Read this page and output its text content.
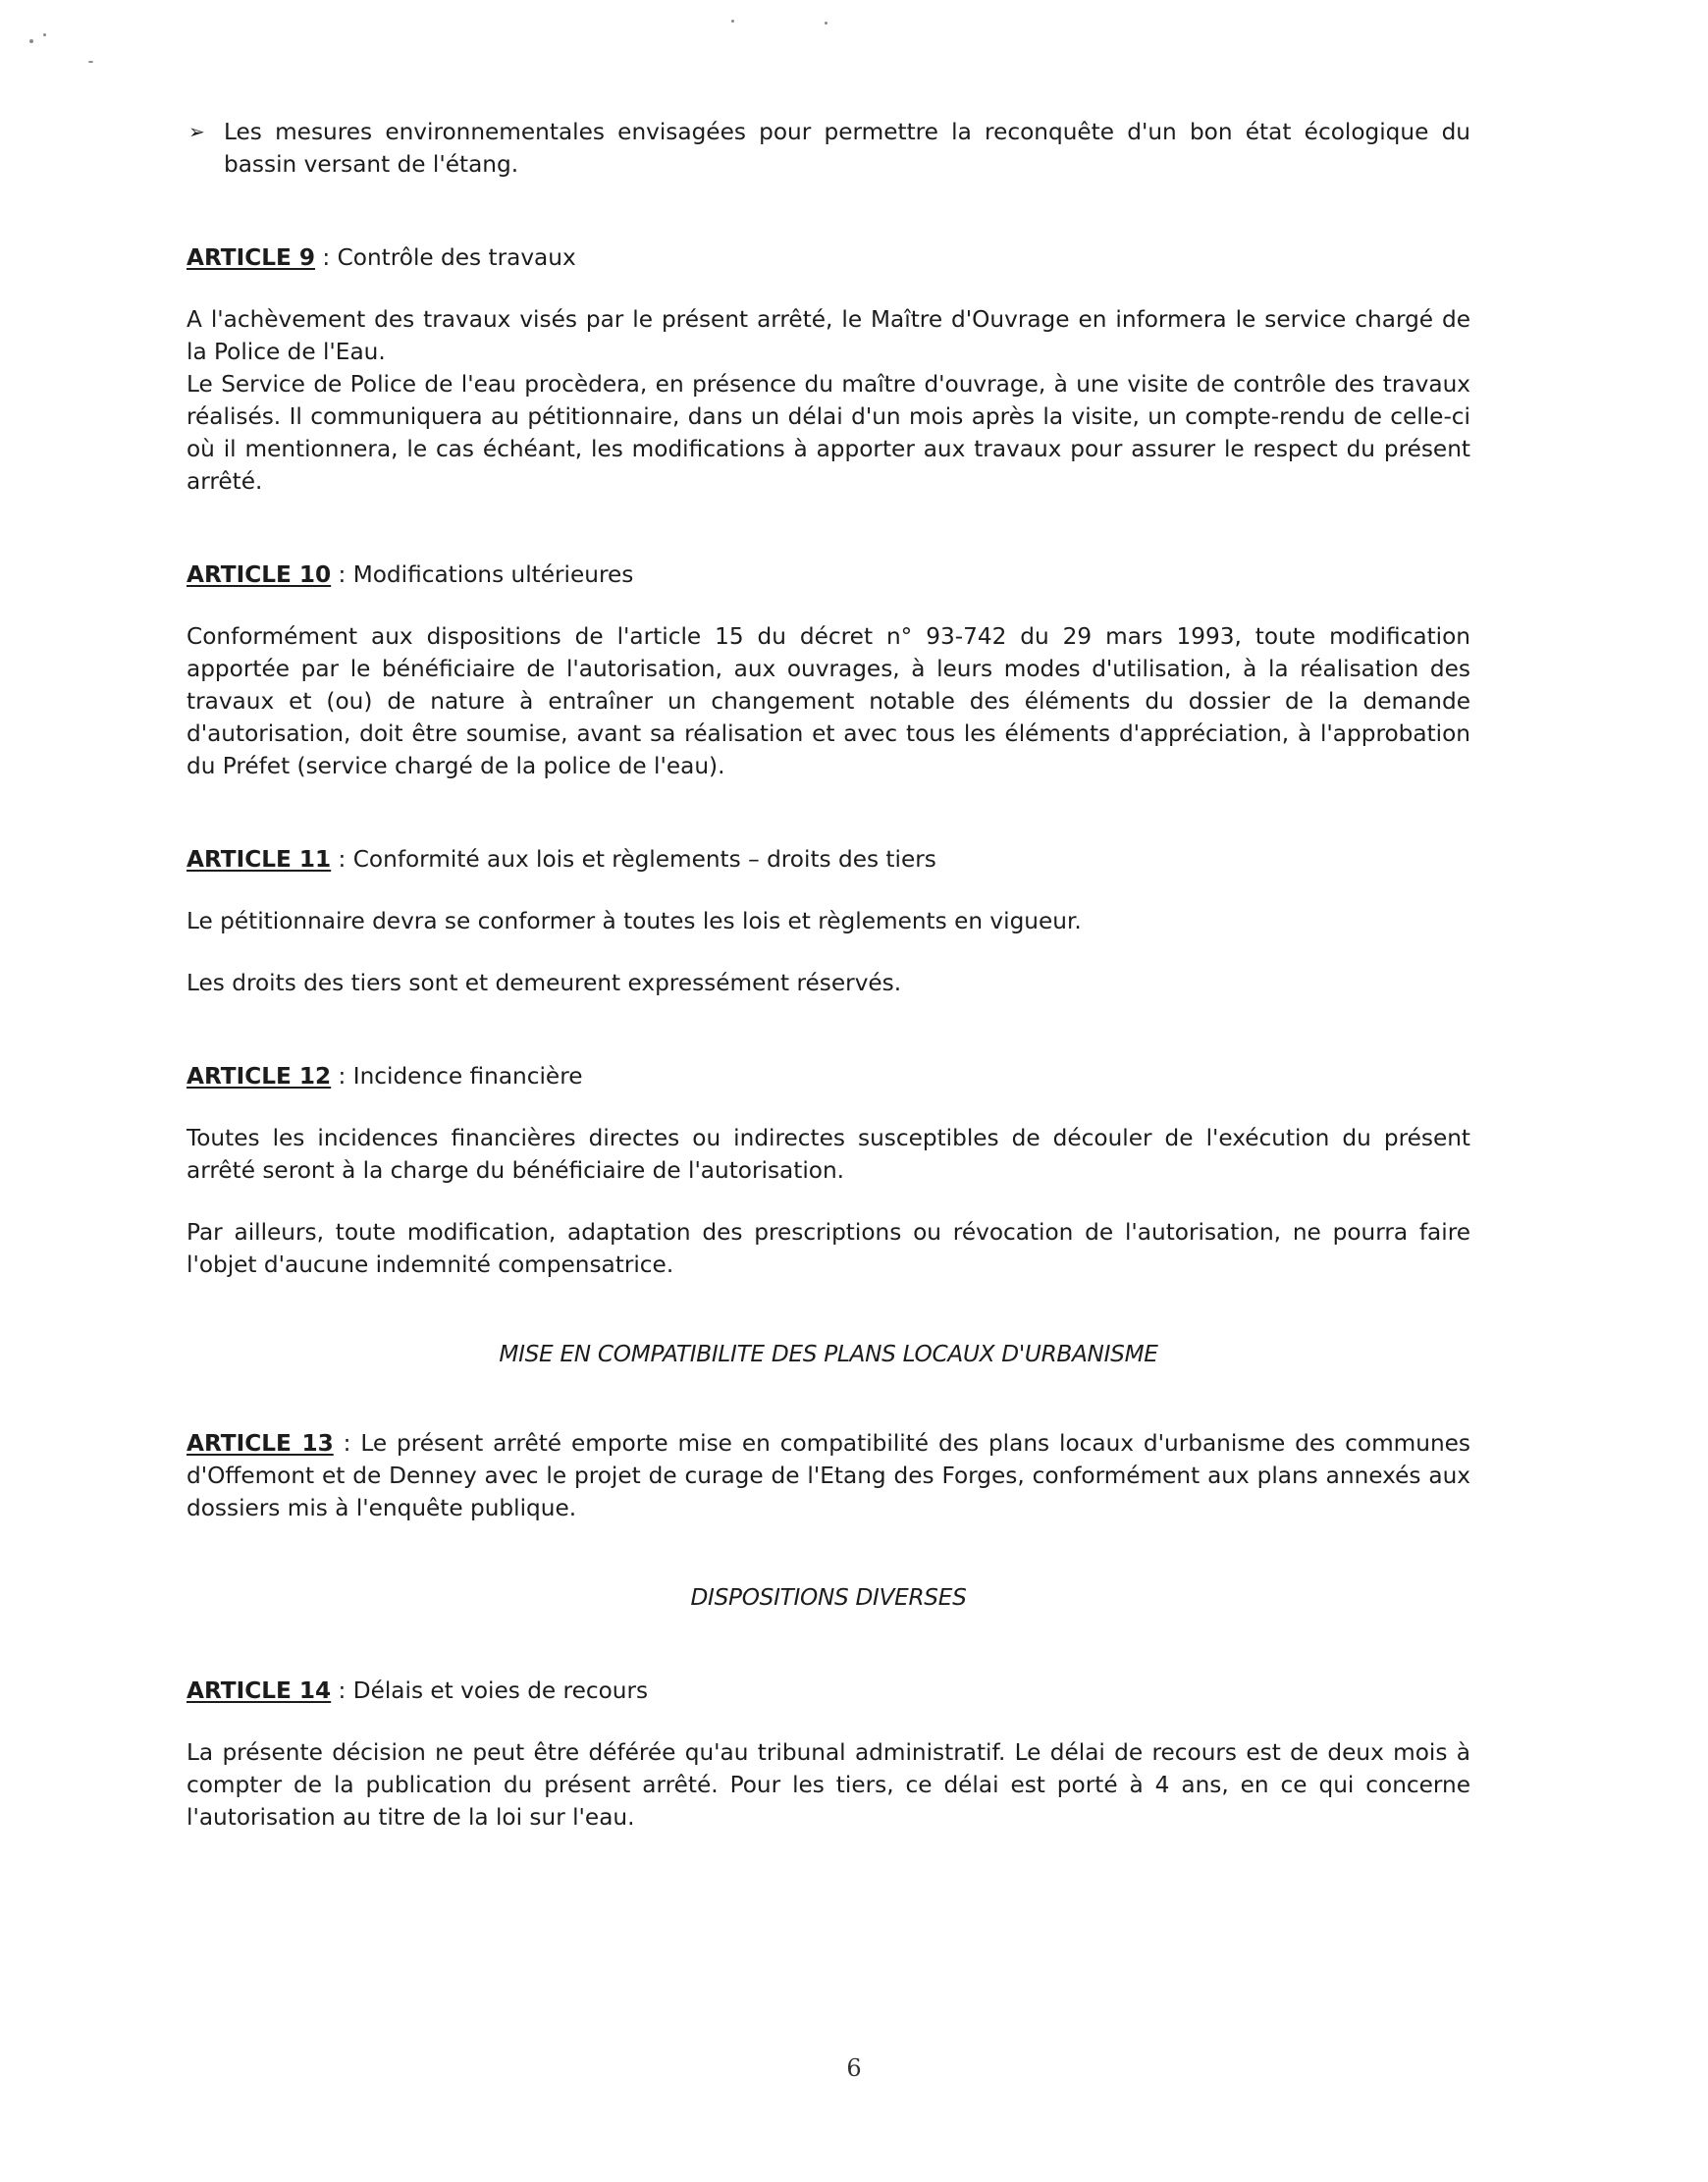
➢ Les mesures environnementales envisagées pour permettre la reconquête d'un bon état écologique du bassin versant de l'étang.

ARTICLE 9 : Contrôle des travaux

A l'achèvement des travaux visés par le présent arrêté, le Maître d'Ouvrage en informera le service chargé de la Police de l'Eau.

Le Service de Police de l'eau procèdera, en présence du maître d'ouvrage, à une visite de contrôle des travaux réalisés. Il communiquera au pétitionnaire, dans un délai d'un mois après la visite, un compte-rendu de celle-ci où il mentionnera, le cas échéant, les modifications à apporter aux travaux pour assurer le respect du présent arrêté.

ARTICLE 10 : Modifications ultérieures

Conformément aux dispositions de l'article 15 du décret n° 93-742 du 29 mars 1993, toute modification apportée par le bénéficiaire de l'autorisation, aux ouvrages, à leurs modes d'utilisation, à la réalisation des travaux et (ou) de nature à entraîner un changement notable des éléments du dossier de la demande d'autorisation, doit être soumise, avant sa réalisation et avec tous les éléments d'appréciation, à l'approbation du Préfet (service chargé de la police de l'eau).

ARTICLE 11 : Conformité aux lois et règlements – droits des tiers

Le pétitionnaire devra se conformer à toutes les lois et règlements en vigueur.

Les droits des tiers sont et demeurent expressément réservés.

ARTICLE 12 : Incidence financière

Toutes les incidences financières directes ou indirectes susceptibles de découler de l'exécution du présent arrêté seront à la charge du bénéficiaire de l'autorisation.

Par ailleurs, toute modification, adaptation des prescriptions ou révocation de l'autorisation, ne pourra faire l'objet d'aucune indemnité compensatrice.

MISE EN COMPATIBILITE DES PLANS LOCAUX D'URBANISME

ARTICLE 13 : Le présent arrêté emporte mise en compatibilité des plans locaux d'urbanisme des communes d'Offemont et de Denney avec le projet de curage de l'Etang des Forges, conformément aux plans annexés aux dossiers mis à l'enquête publique.

DISPOSITIONS DIVERSES

ARTICLE 14 : Délais et voies de recours

La présente décision ne peut être déférée qu'au tribunal administratif. Le délai de recours est de deux mois à compter de la publication du présent arrêté. Pour les tiers, ce délai est porté à 4 ans, en ce qui concerne l'autorisation au titre de la loi sur l'eau.

6
